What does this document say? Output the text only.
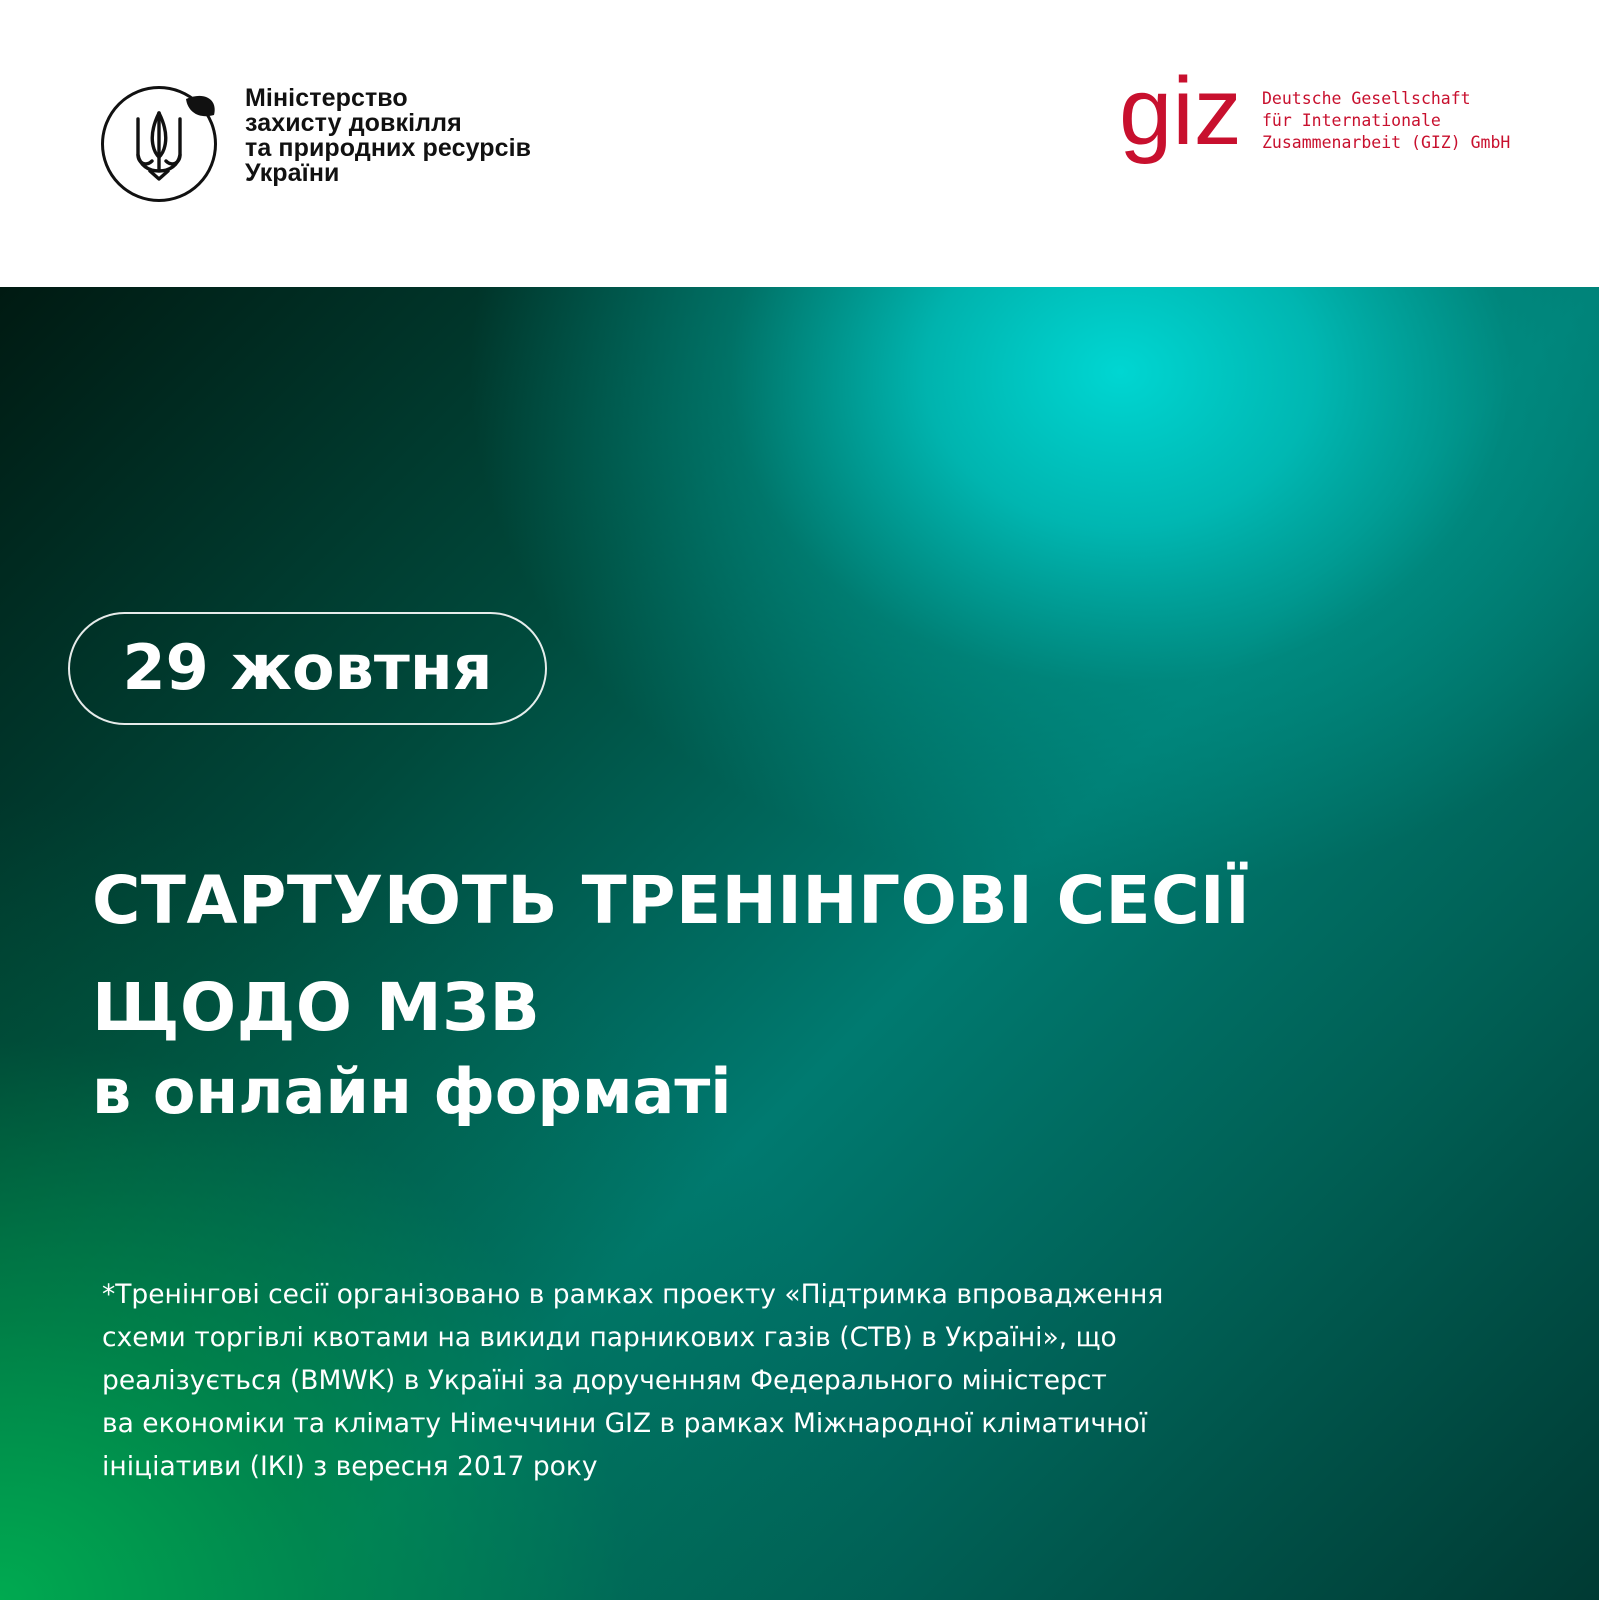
Міністерство
захисту довкілля
та природних ресурсів
України
giz Deutsche Gesellschaft
für Internationale
Zusammenarbeit (GIZ) GmbH
29 жовтня
СТАРТУЮТЬ ТРЕНІНГОВІ СЕСІЇ
ЩОДО МЗВ
в онлайн форматі
*Тренінгові сесії організовано в рамках проекту «Підтримка впровадження
схеми торгівлі квотами на викиди парникових газів (СТВ) в Україні», що
реалізується (BMWK) в Україні за дорученням Федерального міністерст
ва економіки та клімату Німеччини GIZ в рамках Міжнародної кліматичної
ініціативи (ІКІ) з вересня 2017 року
